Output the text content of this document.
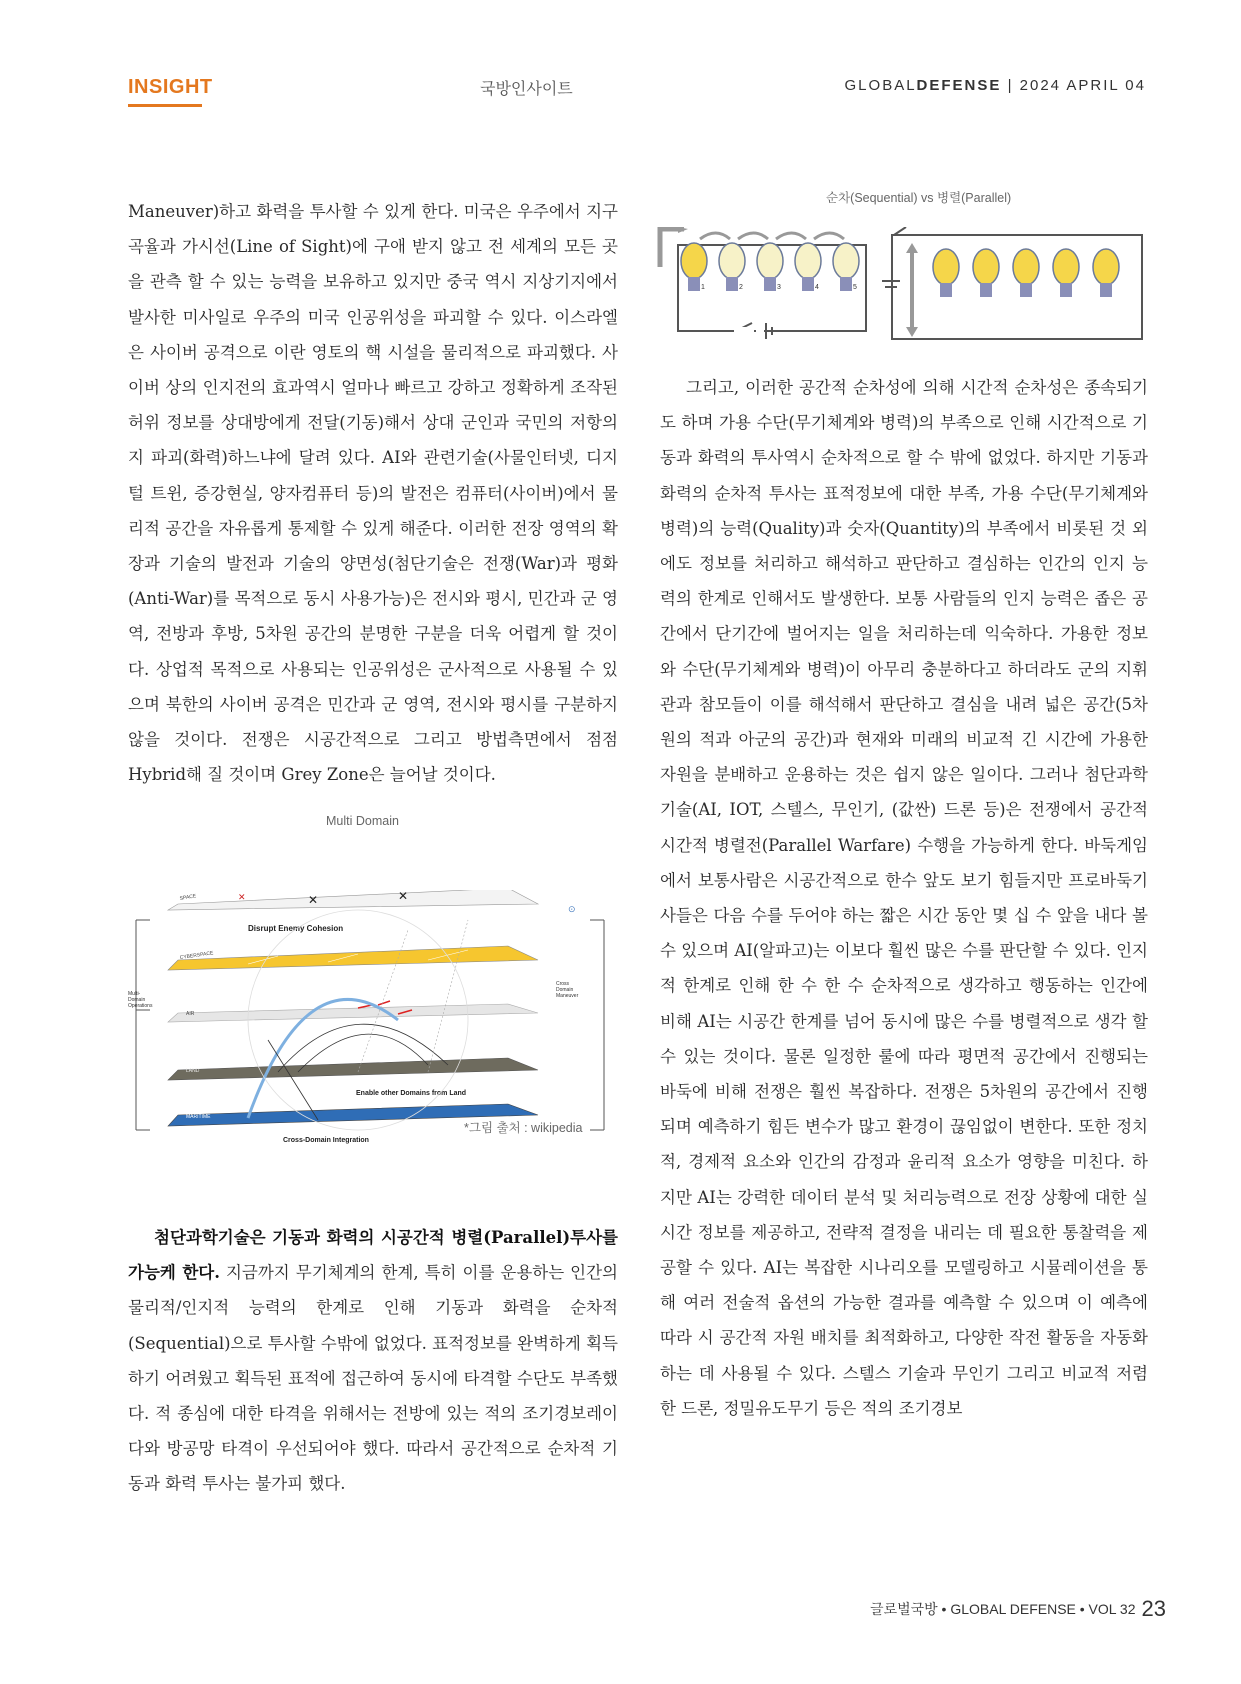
INSIGHT	국방인사이트	GLOBALDEFENSE | 2024 APRIL 04

Maneuver)하고 화력을 투사할 수 있게 한다. 미국은 우주에서 지구 곡율과 가시선(Line of Sight)에 구애 받지 않고 전 세계의 모든 곳을 관측 할 수 있는 능력을 보유하고 있지만 중국 역시 지상기지에서 발사한 미사일로 우주의 미국 인공위성을 파괴할 수 있다. 이스라엘은 사이버 공격으로 이란 영토의 핵 시설을 물리적으로 파괴했다. 사이버 상의 인지전의 효과역시 얼마나 빠르고 강하고 정확하게 조작된 허위 정보를 상대방에게 전달(기동)해서 상대 군인과 국민의 저항의지 파괴(화력)하느냐에 달려 있다. AI와 관련기술(사물인터넷, 디지털 트윈, 증강현실, 양자컴퓨터 등)의 발전은 컴퓨터(사이버)에서 물리적 공간을 자유롭게 통제할 수 있게 해준다. 이러한 전장 영역의 확장과 기술의 발전과 기술의 양면성(첨단기술은 전쟁(War)과 평화(Anti-War)를 목적으로 동시 사용가능)은 전시와 평시, 민간과 군 영역, 전방과 후방, 5차원 공간의 분명한 구분을 더욱 어렵게 할 것이다. 상업적 목적으로 사용되는 인공위성은 군사적으로 사용될 수 있으며 북한의 사이버 공격은 민간과 군 영역, 전시와 평시를 구분하지 않을 것이다. 전쟁은 시공간적으로 그리고 방법측면에서 점점 Hybrid해 질 것이며 Grey Zone은 늘어날 것이다.

Multi Domain
Multi-
Domain
Operations
Cross
Domain
Maneuver
⊙
SPACE	✕	✕
✕
Disrupt Enemy Cohesion
CYBERSPACE
AIR
LAND
Enable other Domains from Land
MARITIME
Cross-Domain Integration
*그림 출처 : wikipedia

첨단과학기술은 기동과 화력의 시공간적 병렬(Parallel)투사를 가능케 한다. 지금까지 무기체계의 한계, 특히 이를 운용하는 인간의 물리적/인지적 능력의 한계로 인해 기동과 화력을 순차적(Sequential)으로 투사할 수밖에 없었다. 표적정보를 완벽하게 획득하기 어려웠고 획득된 표적에 접근하여 동시에 타격할 수단도 부족했다. 적 종심에 대한 타격을 위해서는 전방에 있는 적의 조기경보레이다와 방공망 타격이 우선되어야 했다. 따라서 공간적으로 순차적 기동과 화력 투사는 불가피 했다.

순차(Sequential) vs 병렬(Parallel)
1	2	3	4	5

그리고, 이러한 공간적 순차성에 의해 시간적 순차성은 종속되기도 하며 가용 수단(무기체계와 병력)의 부족으로 인해 시간적으로 기동과 화력의 투사역시 순차적으로 할 수 밖에 없었다. 하지만 기동과 화력의 순차적 투사는 표적정보에 대한 부족, 가용 수단(무기체계와 병력)의 능력(Quality)과 숫자(Quantity)의 부족에서 비롯된 것 외에도 정보를 처리하고 해석하고 판단하고 결심하는 인간의 인지 능력의 한계로 인해서도 발생한다. 보통 사람들의 인지 능력은 좁은 공간에서 단기간에 벌어지는 일을 처리하는데 익숙하다. 가용한 정보와 수단(무기체계와 병력)이 아무리 충분하다고 하더라도 군의 지휘관과 참모들이 이를 해석해서 판단하고 결심을 내려 넓은 공간(5차원의 적과 아군의 공간)과 현재와 미래의 비교적 긴 시간에 가용한 자원을 분배하고 운용하는 것은 쉽지 않은 일이다. 그러나 첨단과학기술(AI, IOT, 스텔스, 무인기, (값싼) 드론 등)은 전쟁에서 공간적 시간적 병렬전(Parallel Warfare) 수행을 가능하게 한다. 바둑게임에서 보통사람은 시공간적으로 한수 앞도 보기 힘들지만 프로바둑기사들은 다음 수를 두어야 하는 짧은 시간 동안 몇 십 수 앞을 내다 볼 수 있으며 AI(알파고)는 이보다 훨씬 많은 수를 판단할 수 있다. 인지적 한계로 인해 한 수 한 수 순차적으로 생각하고 행동하는 인간에 비해 AI는 시공간 한계를 넘어 동시에 많은 수를 병렬적으로 생각 할 수 있는 것이다. 물론 일정한 룰에 따라 평면적 공간에서 진행되는 바둑에 비해 전쟁은 훨씬 복잡하다. 전쟁은 5차원의 공간에서 진행되며 예측하기 힘든 변수가 많고 환경이 끊임없이 변한다. 또한 정치적, 경제적 요소와 인간의 감정과 윤리적 요소가 영향을 미친다. 하지만 AI는 강력한 데이터 분석 및 처리능력으로 전장 상황에 대한 실시간 정보를 제공하고, 전략적 결정을 내리는 데 필요한 통찰력을 제공할 수 있다. AI는 복잡한 시나리오를 모델링하고 시뮬레이션을 통해 여러 전술적 옵션의 가능한 결과를 예측할 수 있으며 이 예측에 따라 시 공간적 자원 배치를 최적화하고, 다양한 작전 활동을 자동화하는 데 사용될 수 있다. 스텔스 기술과 무인기 그리고 비교적 저렴한 드론, 정밀유도무기 등은 적의 조기경보

글로벌국방 • GLOBAL DEFENSE • VOL 32 23
